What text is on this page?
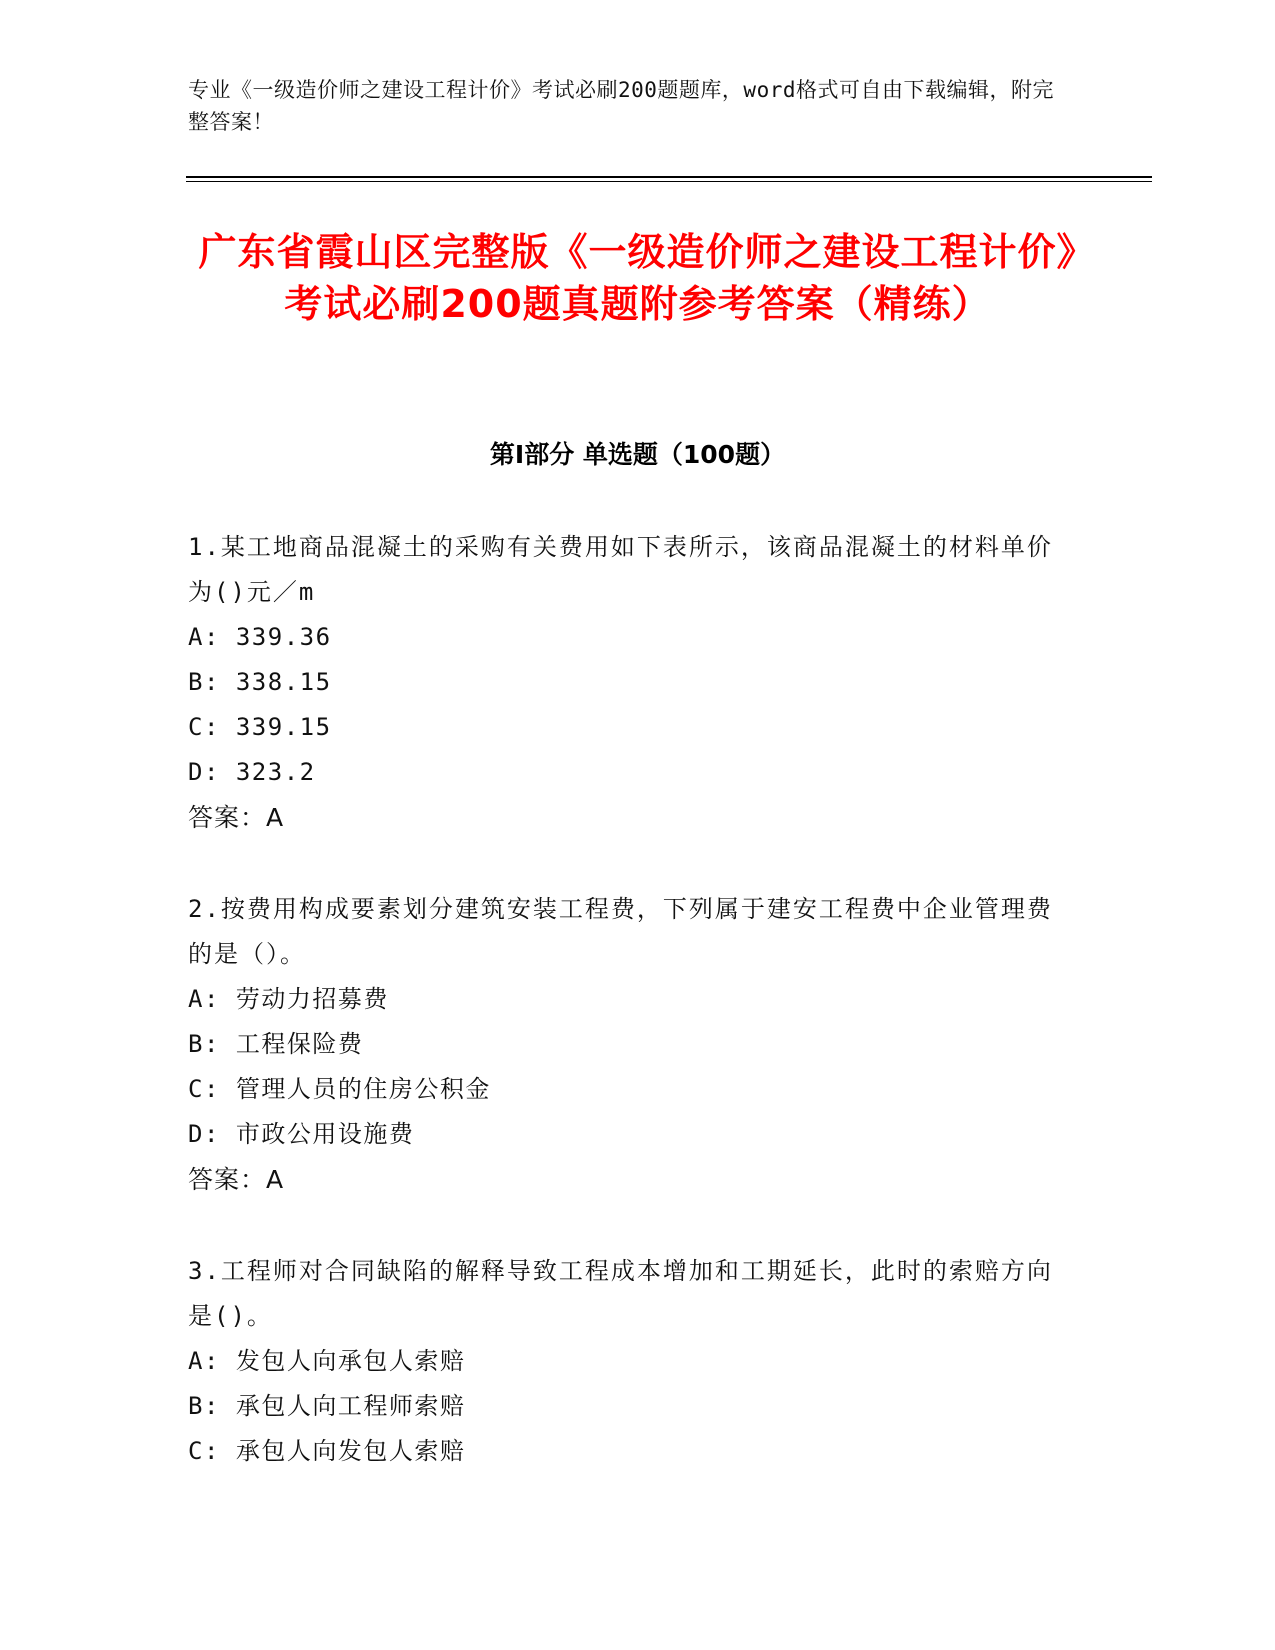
专业《一级造价师之建设工程计价》考试必刷200题题库，word格式可自由下载编辑，附完整答案！
广东省霞山区完整版《一级造价师之建设工程计价》考试必刷200题真题附参考答案（精练）
第I部分 单选题（100题）
1.某工地商品混凝土的采购有关费用如下表所示，该商品混凝土的材料单价为()元／m
A: 339.36
B: 338.15
C: 339.15
D: 323.2
答案：A
2.按费用构成要素划分建筑安装工程费，下列属于建安工程费中企业管理费的是（）。
A: 劳动力招募费
B: 工程保险费
C: 管理人员的住房公积金
D: 市政公用设施费
答案：A
3.工程师对合同缺陷的解释导致工程成本增加和工期延长，此时的索赔方向是()。
A: 发包人向承包人索赔
B: 承包人向工程师索赔
C: 承包人向发包人索赔
